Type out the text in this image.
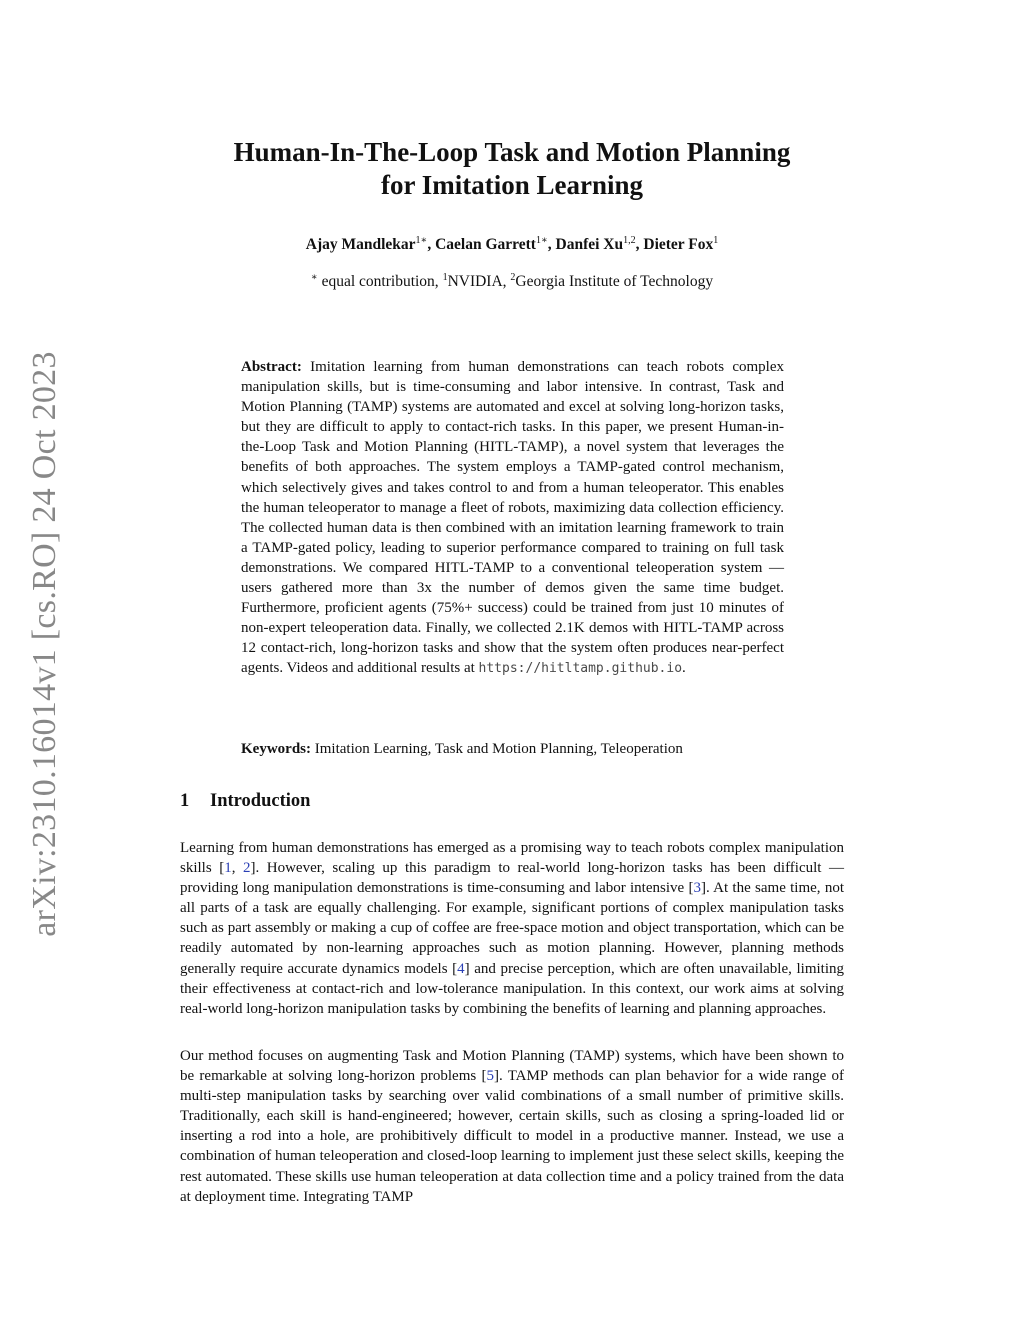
arXiv:2310.16014v1 [cs.RO] 24 Oct 2023
Human-In-The-Loop Task and Motion Planning
for Imitation Learning
Ajay Mandlekar$^{1∗}$, Caelan Garrett$^{1∗}$, Danfei Xu$^{1,2}$, Dieter Fox$^1$
∗ equal contribution, $^1$NVIDIA, $^2$Georgia Institute of Technology
Abstract: Imitation learning from human demonstrations can teach robots complex manipulation skills, but is time-consuming and labor intensive. In contrast, Task and Motion Planning (TAMP) systems are automated and excel at solving long-horizon tasks, but they are difficult to apply to contact-rich tasks. In this paper, we present Human-in-the-Loop Task and Motion Planning (HITL-TAMP), a novel system that leverages the benefits of both approaches. The system employs a TAMP-gated control mechanism, which selectively gives and takes control to and from a human teleoperator. This enables the human teleoperator to manage a fleet of robots, maximizing data collection efficiency. The collected human data is then combined with an imitation learning framework to train a TAMP-gated policy, leading to superior performance compared to training on full task demonstrations. We compared HITL-TAMP to a conventional teleoperation system — users gathered more than 3x the number of demos given the same time budget. Furthermore, proficient agents (75%+ success) could be trained from just 10 minutes of non-expert teleoperation data. Finally, we collected 2.1K demos with HITL-TAMP across 12 contact-rich, long-horizon tasks and show that the system often produces near-perfect agents. Videos and additional results at https://hitltamp.github.io.
Keywords: Imitation Learning, Task and Motion Planning, Teleoperation
1 Introduction
Learning from human demonstrations has emerged as a promising way to teach robots complex manipulation skills [1, 2]. However, scaling up this paradigm to real-world long-horizon tasks has been difficult — providing long manipulation demonstrations is time-consuming and labor intensive [3]. At the same time, not all parts of a task are equally challenging. For example, significant portions of complex manipulation tasks such as part assembly or making a cup of coffee are free-space motion and object transportation, which can be readily automated by non-learning approaches such as motion planning. However, planning methods generally require accurate dynamics models [4] and precise perception, which are often unavailable, limiting their effectiveness at contact-rich and low-tolerance manipulation. In this context, our work aims at solving real-world long-horizon manipulation tasks by combining the benefits of learning and planning approaches.
Our method focuses on augmenting Task and Motion Planning (TAMP) systems, which have been shown to be remarkable at solving long-horizon problems [5]. TAMP methods can plan behavior for a wide range of multi-step manipulation tasks by searching over valid combinations of a small number of primitive skills. Traditionally, each skill is hand-engineered; however, certain skills, such as closing a spring-loaded lid or inserting a rod into a hole, are prohibitively difficult to model in a productive manner. Instead, we use a combination of human teleoperation and closed-loop learning to implement just these select skills, keeping the rest automated. These skills use human teleoperation at data collection time and a policy trained from the data at deployment time. Integrating TAMP
